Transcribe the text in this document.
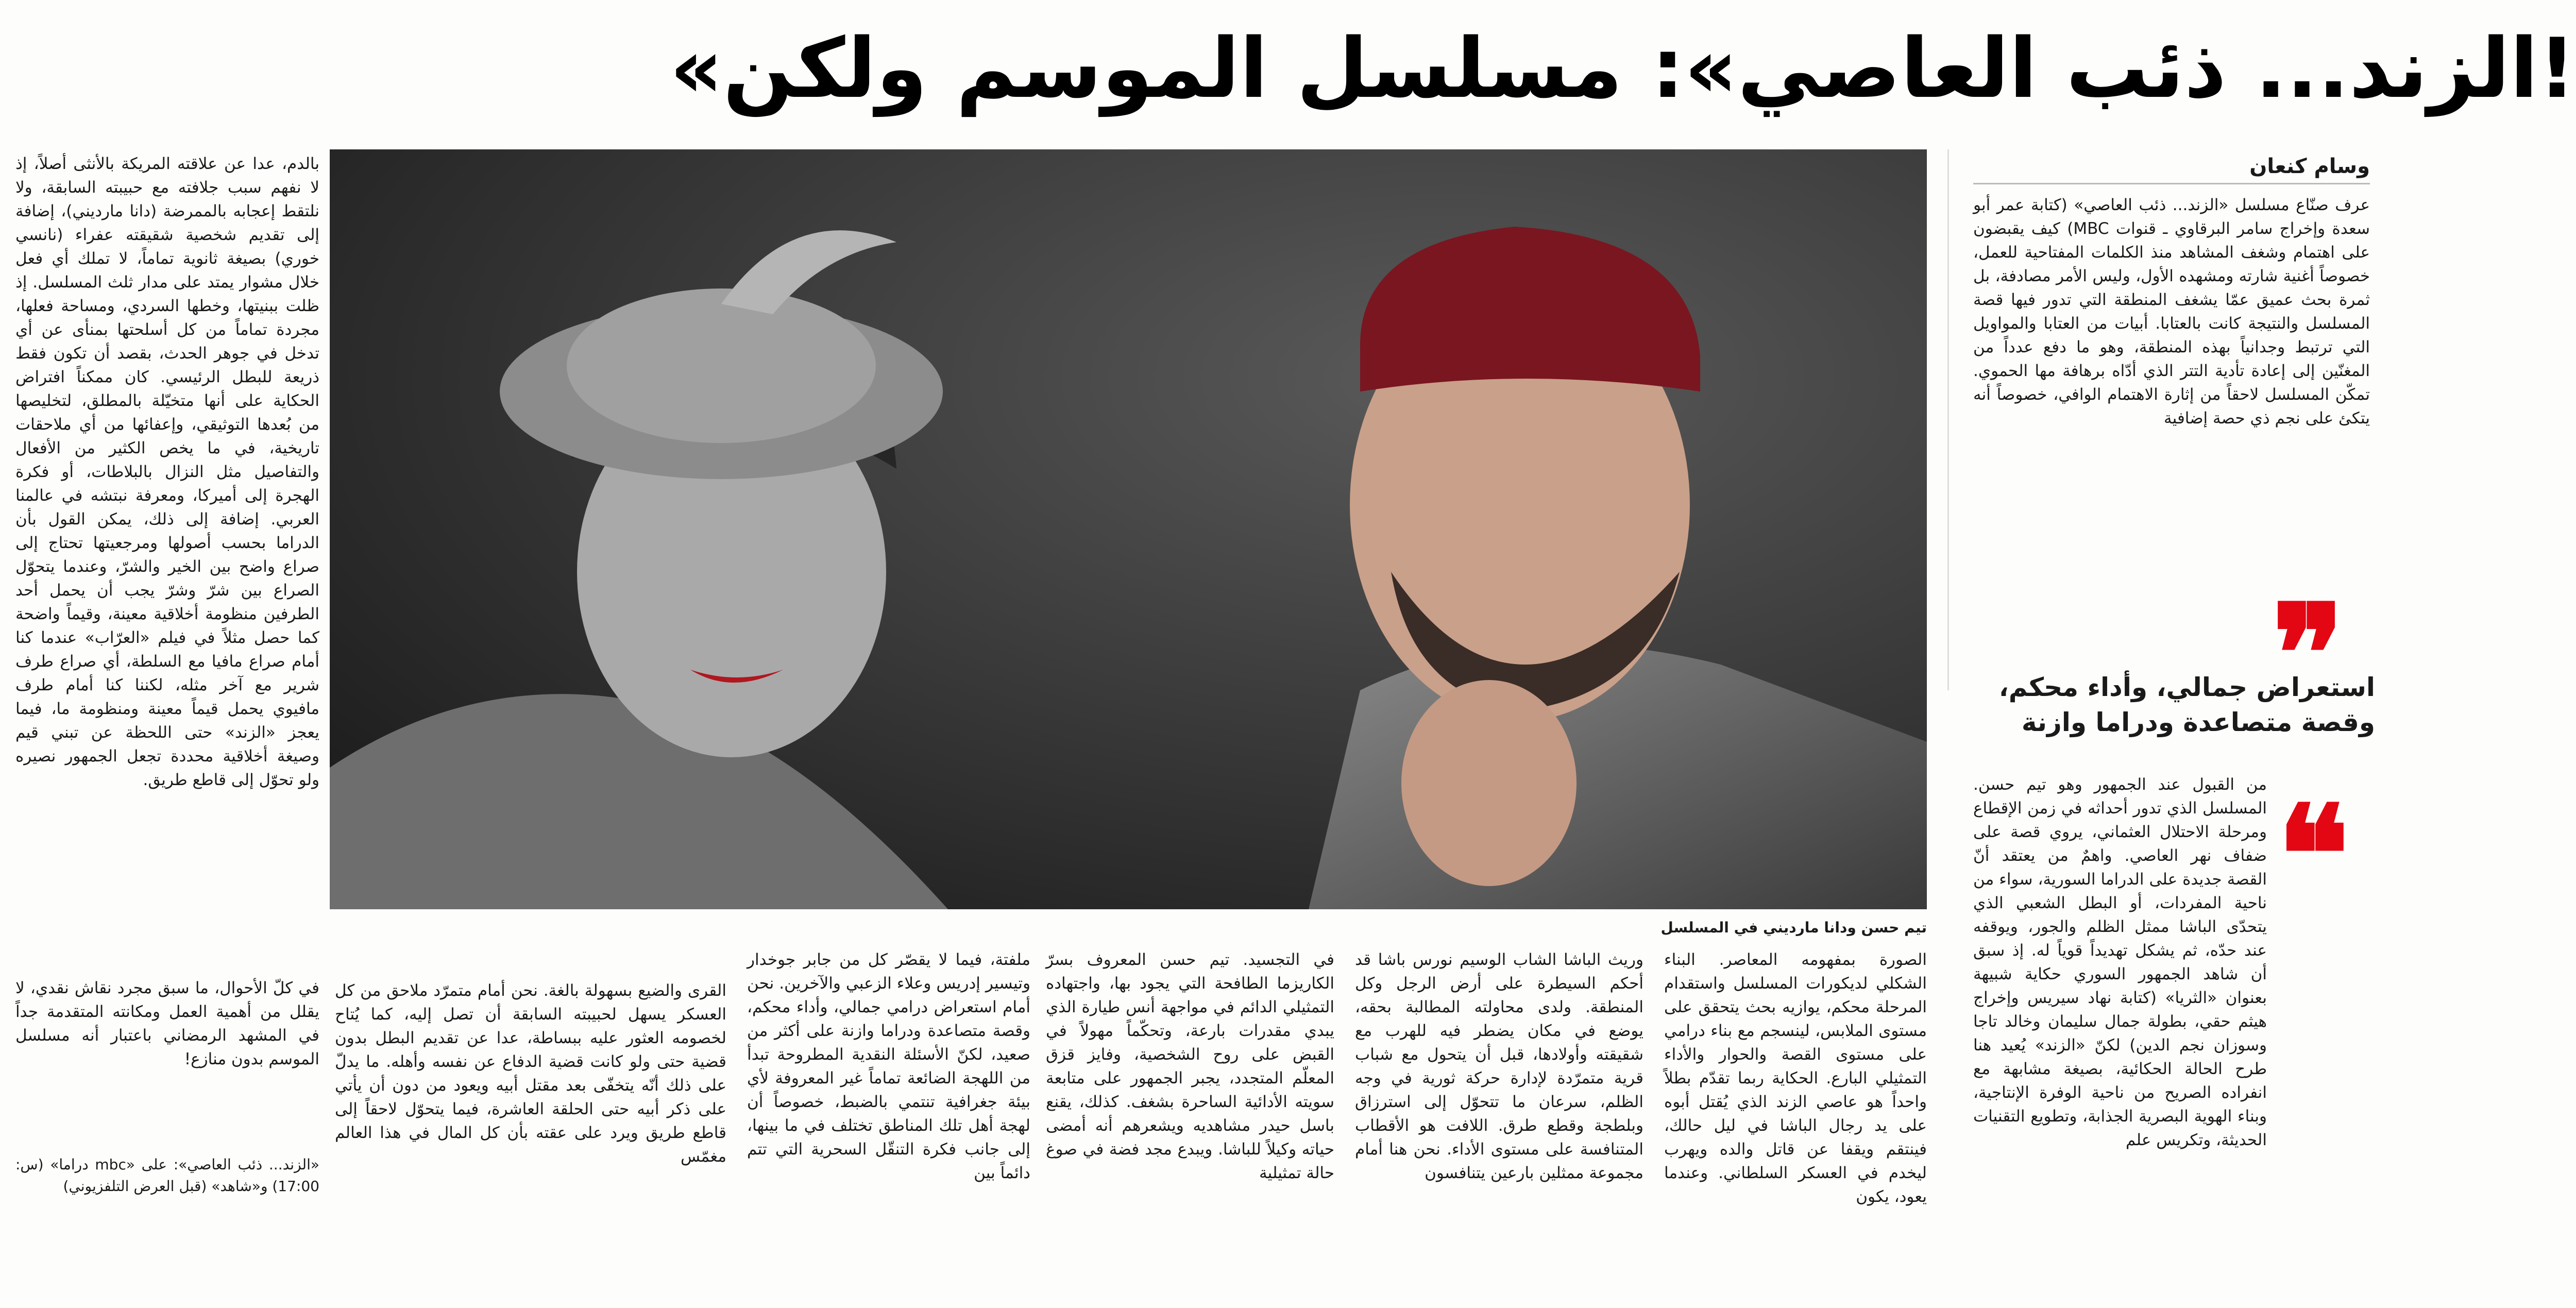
«الزند... ذئب العاصي»: مسلسل الموسم ولكن!
وسام كنعان
عرف صنّاع مسلسل «الزند... ذئب العاصي» (كتابة عمر أبو سعدة وإخراج سامر البرقاوي ـ قنوات MBC) كيف يقبضون على اهتمام وشغف المشاهد منذ الكلمات المفتاحية للعمل، خصوصاً أغنية شارته ومشهده الأول، وليس الأمر مصادفة، بل ثمرة بحث عميق عمّا يشغف المنطقة التي تدور فيها قصة المسلسل والنتيجة كانت بالعتابا. أبيات من العتابا والمواويل التي ترتبط وجدانياً بهذه المنطقة، وهو ما دفع عدداً من المغنّين إلى إعادة تأدية التتر الذي أدّاه برهافة مها الحموي. تمكّن المسلسل لاحقاً من إثارة الاهتمام الوافي، خصوصاً أنه يتكئ على نجم ذي حصة إضافية
❞
استعراض جمالي، وأداء محكم، وقصة متصاعدة ودراما وازنة
❝
من القبول عند الجمهور وهو تيم حسن. المسلسل الذي تدور أحداثه في زمن الإقطاع ومرحلة الاحتلال العثماني، يروي قصة على ضفاف نهر العاصي. واهمٌ من يعتقد أنّ القصة جديدة على الدراما السورية، سواء من ناحية المفردات، أو البطل الشعبي الذي يتحدّى الباشا ممثل الظلم والجور، ويوقفه عند حدّه، ثم يشكل تهديداً قوياً له. إذ سبق أن شاهد الجمهور السوري حكاية شبيهة بعنوان «الثريا» (كتابة نهاد سيريس وإخراج هيثم حقي، بطولة جمال سليمان وخالد تاجا وسوزان نجم الدين) لكنّ «الزند» يُعيد هنا طرح الحالة الحكائية، بصيغة مشابهة مع انفراده الصريح من ناحية الوفرة الإنتاجية، وبناء الهوية البصرية الجذابة، وتطويع التقنيات الحديثة، وتكريس علم
تيم حسن ودانا مارديني في المسلسل
بالدم، عدا عن علاقته المريكة بالأنثى أصلاً، إذ لا نفهم سبب جلافته مع حبيبته السابقة، ولا نلتقط إعجابه بالممرضة (دانا مارديني)، إضافة إلى تقديم شخصية شقيقته عفراء (نانسي خوري) بصيغة ثانوية تماماً، لا تملك أي فعل خلال مشوار يمتد على مدار ثلث المسلسل. إذ ظلت ببنيتها، وخطها السردي، ومساحة فعلها، مجردة تماماً من كل أسلحتها بمنأى عن أي تدخل في جوهر الحدث، بقصد أن تكون فقط ذريعة للبطل الرئيسي. كان ممكناً افتراض الحكاية على أنها متخيّلة بالمطلق، لتخليصها من بُعدها التوثيقي، وإعفائها من أي ملاحقات تاريخية، في ما يخص الكثير من الأفعال والتفاصيل مثل النزال بالبلاطات، أو فكرة الهجرة إلى أميركا، ومعرفة نبتشه في عالمنا العربي. إضافة إلى ذلك، يمكن القول بأن الدراما بحسب أصولها ومرجعيتها تحتاج إلى صراع واضح بين الخير والشرّ، وعندما يتحوّل الصراع بين شرّ وشرّ يجب أن يحمل أحد الطرفين منظومة أخلاقية معينة، وقيماً واضحة كما حصل مثلاً في فيلم «العرّاب» عندما كنا أمام صراع مافيا مع السلطة، أي صراع طرف شرير مع آخر مثله، لكننا كنا أمام طرف مافيوي يحمل قيماً معينة ومنظومة ما، فيما يعجز «الزند» حتى اللحظة عن تبني قيم وصيغة أخلاقية محددة تجعل الجمهور نصيره ولو تحوّل إلى قاطع طريق.
في كلّ الأحوال، ما سبق مجرد نقاش نقدي، لا يقلل من أهمية العمل ومكانته المتقدمة جداً في المشهد الرمضاني باعتبار أنه مسلسل الموسم بدون منازع!
«الزند... ذئب العاصي»: على «mbc دراما» (س: 17:00) و«شاهد» (قبل العرض التلفزيوني)
الصورة بمفهومه المعاصر. البناء الشكلي لديكورات المسلسل واستقدام المرحلة محكم، يوازيه بحث يتحقق على مستوى الملابس، لينسجم مع بناء درامي على مستوى القصة والحوار والأداء التمثيلي البارع. الحكاية ربما تقدّم بطلاً واحداً هو عاصي الزند الذي يُقتل أبوه على يد رجال الباشا في ليل حالك، فينتقم ويقفا عن قاتل والده ويهرب ليخدم في العسكر السلطاني. وعندما يعود، يكون
وريث الباشا الشاب الوسيم نورس باشا قد أحكم السيطرة على أرض الرجل وكل المنطقة. ولدى محاولته المطالبة بحقه، يوضع في مكان يضطر فيه للهرب مع شقيقته وأولادها، قبل أن يتحول مع شباب قرية متمرّدة لإدارة حركة ثورية في وجه الظلم، سرعان ما تتحوّل إلى استرزاق وبلطجة وقطع طرق. اللافت هو الأقطاب المتنافسة على مستوى الأداء. نحن هنا أمام مجموعة ممثلين بارعين يتنافسون
في التجسيد. تيم حسن المعروف بسرّ الكاريزما الطافحة التي يجود بها، واجتهاده التمثيلي الدائم في مواجهة أنس طيارة الذي يبدي مقدرات بارعة، وتحكّماً مهولاً في القبض على روح الشخصية، وفايز قزق المعلّم المتجدد، يجبر الجمهور على متابعة سويته الأدائية الساحرة بشغف. كذلك، يقنع باسل حيدر مشاهديه ويشعرهم أنه أمضى حياته وكيلاً للباشا. ويبدع مجد فضة في صوغ حالة تمثيلية
ملفتة، فيما لا يقصّر كل من جابر جوخدار وتيسير إدريس وعلاء الزعبي والآخرين. نحن أمام استعراض درامي جمالي، وأداء محكم، وقصة متصاعدة ودراما وازنة على أكثر من صعيد، لكنّ الأسئلة النقدية المطروحة تبدأ من اللهجة الضائعة تماماً غير المعروفة لأي بيئة جغرافية تنتمي بالضبط، خصوصاً أن لهجة أهل تلك المناطق تختلف في ما بينها، إلى جانب فكرة التنقّل السحرية التي تتم دائماً بين
القرى والضيع بسهولة بالغة. نحن أمام متمرّد ملاحق من كل العسكر يسهل لحبيبته السابقة أن تصل إليه، كما يُتاح لخصومه العثور عليه ببساطة، عدا عن تقديم البطل بدون قضية حتى ولو كانت قضية الدفاع عن نفسه وأهله. ما يدلّ على ذلك أنّه يتخفّى بعد مقتل أبيه ويعود من دون أن يأتي على ذكر أبيه حتى الحلقة العاشرة، فيما يتحوّل لاحقاً إلى قاطع طريق ويرد على عقته بأن كل المال في هذا العالم مغمّس
